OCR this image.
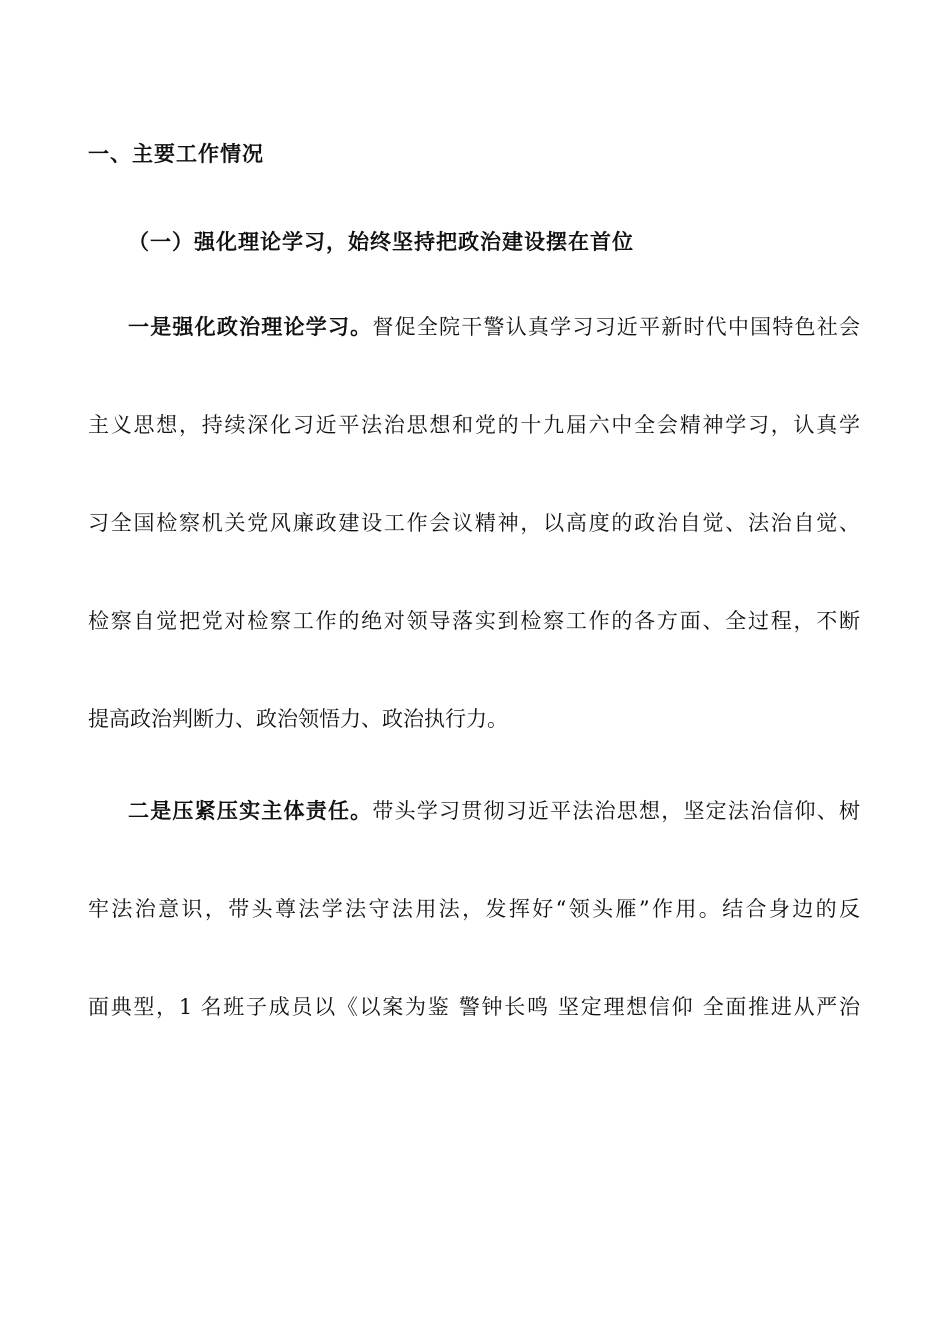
一、主要工作情况
（一）强化理论学习，始终坚持把政治建设摆在首位
一是强化政治理论学习。督促全院干警认真学习习近平新时代中国特色社会
主义思想，持续深化习近平法治思想和党的十九届六中全会精神学习，认真学
习全国检察机关党风廉政建设工作会议精神，以高度的政治自觉、法治自觉、
检察自觉把党对检察工作的绝对领导落实到检察工作的各方面、全过程，不断
提高政治判断力、政治领悟力、政治执行力。
二是压紧压实主体责任。带头学习贯彻习近平法治思想，坚定法治信仰、树
牢法治意识，带头尊法学法守法用法，发挥好“领头雁”作用。结合身边的反
面典型，1 名班子成员以《以案为鉴 警钟长鸣 坚定理想信仰 全面推进从严治
